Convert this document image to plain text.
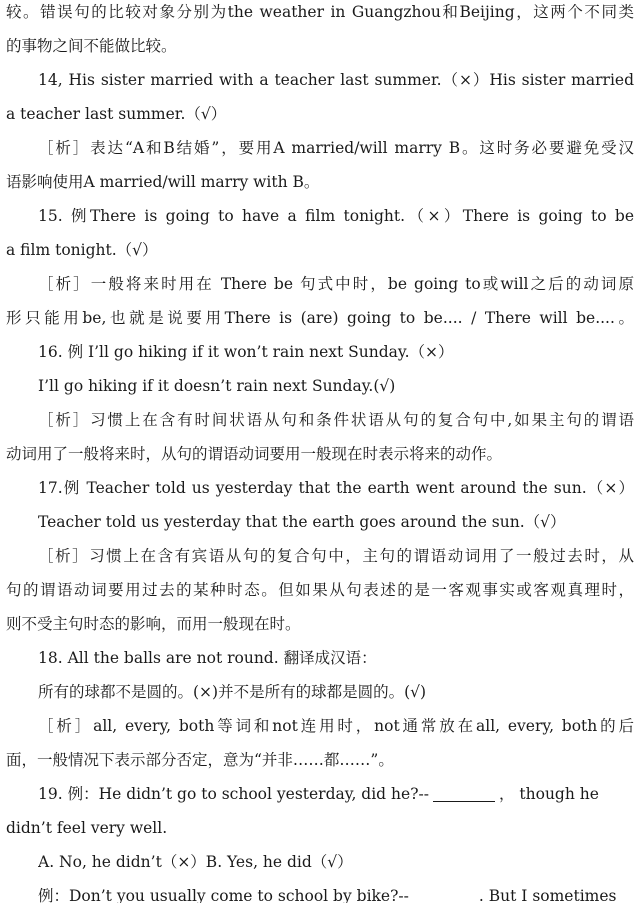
较。错误句的比较对象分别为the weather in Guangzhou和Beijing，这两个不同类
的事物之间不能做比较。
14, His sister married with a teacher last summer.（×）His sister married
a teacher last summer.（√）
［析］表达“A和B结婚”，要用A married/will marry B。这时务必要避免受汉
语影响使用A married/will marry with B。
15. 例There is going to have a film tonight.（×）There is going to be
a film tonight.（√）
［析］一般将来时用在 There be 句式中时，be going to或will之后的动词原
形只能用be,也就是说要用There is (are) going to be.... / There will be....。
16. 例 I’ll go hiking if it won’t rain next Sunday.（×）
I’ll go hiking if it doesn’t rain next Sunday.(√)
［析］习惯上在含有时间状语从句和条件状语从句的复合句中,如果主句的谓语
动词用了一般将来时，从句的谓语动词要用一般现在时表示将来的动作。
17.例 Teacher told us yesterday that the earth went around the sun.（×）
Teacher told us yesterday that the earth goes around the sun.（√）
［析］习惯上在含有宾语从句的复合句中，主句的谓语动词用了一般过去时，从
句的谓语动词要用过去的某种时态。但如果从句表述的是一客观事实或客观真理时，
则不受主句时态的影响，而用一般现在时。
18. All the balls are not round. 翻译成汉语：
所有的球都不是圆的。(×)并不是所有的球都是圆的。(√)
［析］all, every, both等词和not连用时，not通常放在all, every, both的后
面，一般情况下表示部分否定，意为“并非……都……”。
19. 例：He didn’t go to school yesterday, did he?--	， though he
didn’t feel very well.
A. No, he didn’t（×）B. Yes, he did（√）
例：Don’t you usually come to school by bike?--	. But I sometimes
